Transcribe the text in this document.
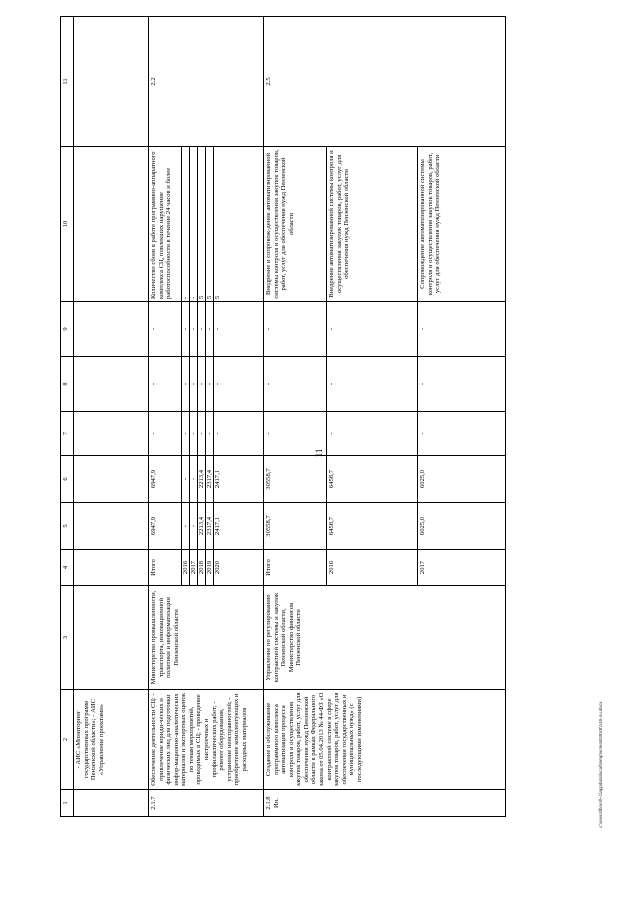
11
c:\users\lboroll~1\appdata\local\temp\notes6030c8\149-ou.docx
1	2	3	4	5	6	7	8	9	10	11
	- АИС «Мониторинг государственных программ Пензенской области»; - АИС «Управление проектами»									
2.1.7	Обеспечение деятельности СЦ: - привлечение юриди-ческих и физических лиц для подготовки инфор-мационно-аналитических материалов и экспертных оценок по темам мероприятий, проводимых в СЦ; - проведение настроечных и профилактических работ; - ремонт оборудования, устранение неисправностей; - приобретение комплектующих и расходных материалов	Министерство промышленности, транспорта, инновационной политики и информатизации Пензенской области	Итого	6947,9	6947,9	-	-	-	Количество сбоев в работе программно-аппаратного комплекса СЦ, повлекших нарушение работоспособности в течение 24 часов и более	2.2
			2016	-	-	-	-	-	-	
			2017	-	-	-	-	-	-	
			2018	2213,4	2213,4	-	-	-	5	
			2019	2317,4	2317,4	-	-	-	5	
			2020	2417,1	2417,1	-	-	-	5	
2.1.8 Ин.	Создание и обслуживание программного комплекса автоматизации процесса контроля и осуществления закупок товаров, работ, услуг для обеспечения нужд Пензенской области в рамках Федерального закона от 05.04.2013 № 44-ФЗ «О контрактной системе в сфере закупок товаров, работ, услуг для обеспечения государственных и муниципальных нужд» (с последующими изменениями)	Управление по регулированию контрактной системы и закупок Пензенской области, Министерство финансов Пензенской области	Итого	30558,7	30558,7	-	-	-	Внедрение и сопровож-дение автоматизированной системы контроля и осуществления закупок товаров, работ, услуг для обеспечения нужд Пензенской области	2.5
			2016	6458,7	6458,7	-	-	-	Внедрение автоматизированной системы контроля и осуществления закупок товаров, работ, услуг для обеспечения нужд Пензенской области	
			2017	6025,0	6025,0	-	-	-	Сопровождение автоматизированной системы контроля и осуществления закупок товаров, работ, услуг для обеспечения нужд Пензенской области	
